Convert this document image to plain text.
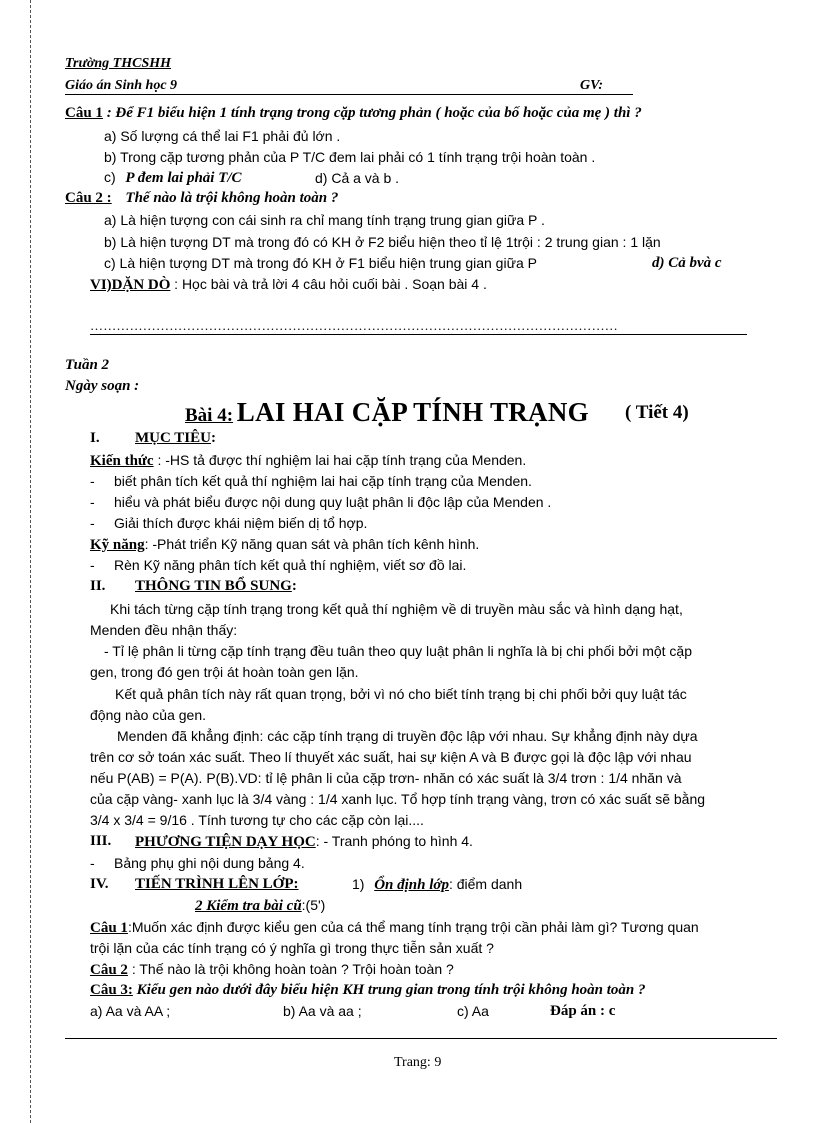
Trường THCSHH
Giáo án Sinh học 9	GV:
Câu 1 : Để F1 biểu hiện 1 tính trạng trong cặp tương phản ( hoặc của bố hoặc của mẹ ) thì ?
a) Số lượng cá thể lai F1 phải đủ lớn .
b) Trong cặp tương phản của P T/C đem lai phải có 1 tính trạng trội hoàn toàn .
c) P đem lai phải T/C	d) Cả a và b .
Câu 2 : Thế nào là trội không hoàn toàn ?
a) Là hiện tượng con cái sinh ra chỉ mang tính trạng trung gian giữa P .
b) Là hiện tượng DT mà trong đó có KH ở F2 biểu hiện theo tỉ lệ 1trội : 2 trung gian : 1 lặn
c) Là hiện tượng DT mà trong đó KH ở F1 biểu hiện trung gian giữa P	d) Cả bvà c
VI)DẶN DÒ : Học bài và trả lời 4 câu hỏi cuối bài . Soạn bài 4 .
…………………………………………………………………………………………………………
Tuần 2
Ngày soạn :
Bài 4: LAI HAI CẶP TÍNH TRẠNG ( Tiết 4)
I. MỤC TIÊU:
Kiến thức : -HS tả được thí nghiệm lai hai cặp tính trạng của Menden.
- biết phân tích kết quả thí nghiệm lai hai cặp tính trạng của Menden.
- hiểu và phát biểu được nội dung quy luật phân li độc lập của Menden .
- Giải thích được khái niệm biến dị tổ hợp.
Kỹ năng: -Phát triển Kỹ năng quan sát và phân tích kênh hình.
- Rèn Kỹ năng phân tích kết quả thí nghiệm, viết sơ đồ lai.
II. THÔNG TIN BỔ SUNG:
Khi tách từng cặp tính trạng trong kết quả thí nghiệm về di truyền màu sắc và hình dạng hạt,
Menden đều nhận thấy:
- Tỉ lệ phân li từng cặp tính trạng đều tuân theo quy luật phân li nghĩa là bị chi phối bởi một cặp
gen, trong đó gen trội át hoàn toàn gen lặn.
Kết quả phân tích này rất quan trọng, bởi vì nó cho biết tính trạng bị chi phối bởi quy luật tác
động nào của gen.
Menden đã khẳng định: các cặp tính trạng di truyền độc lập với nhau. Sự khẳng định này dựa
trên cơ sở toán xác suất. Theo lí thuyết xác suất, hai sự kiện A và B được gọi là độc lập với nhau
nếu P(AB) = P(A). P(B).VD: tỉ lệ phân li của cặp trơn- nhăn có xác suất là 3/4 trơn : 1/4 nhăn và
của cặp vàng- xanh lục là 3/4 vàng : 1/4 xanh lục. Tổ hợp tính trạng vàng, trơn có xác suất sẽ bằng
3/4 x 3/4 = 9/16 . Tính tương tự cho các cặp còn lại....
III. PHƯƠNG TIỆN DẠY HỌC: - Tranh phóng to hình 4.
- Bảng phụ ghi nội dung bảng 4.
IV. TIẾN TRÌNH LÊN LỚP:	1) Ổn định lớp: điểm danh
2 Kiểm tra bài cũ:(5')
Câu 1:Muốn xác định được kiểu gen của cá thể mang tính trạng trội cần phải làm gì? Tương quan
trội lặn của các tính trạng có ý nghĩa gì trong thực tiễn sản xuất ?
Câu 2 : Thế nào là trội không hoàn toàn ? Trội hoàn toàn ?
Câu 3: Kiểu gen nào dưới đây biểu hiện KH trung gian trong tính trội không hoàn toàn ?
a) Aa và AA ;	b) Aa và aa ;	c) Aa	Đáp án : c
Trang: 9
